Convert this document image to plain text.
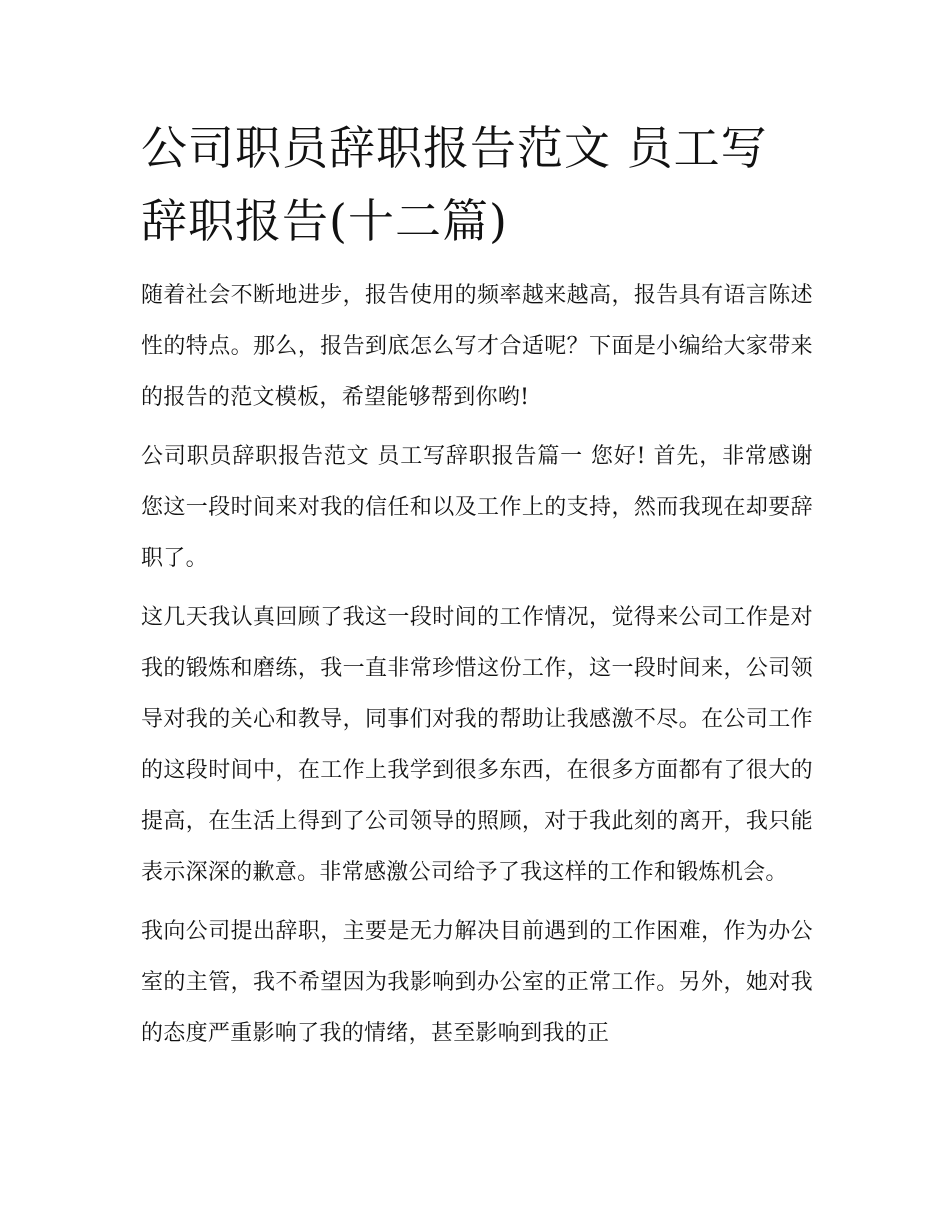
公司职员辞职报告范文 员工写辞职报告(十二篇)

随着社会不断地进步，报告使用的频率越来越高，报告具有语言陈述性的特点。那么，报告到底怎么写才合适呢？下面是小编给大家带来的报告的范文模板，希望能够帮到你哟!

公司职员辞职报告范文 员工写辞职报告篇一 您好! 首先，非常感谢您这一段时间来对我的信任和以及工作上的支持，然而我现在却要辞职了。

这几天我认真回顾了我这一段时间的工作情况，觉得来公司工作是对我的锻炼和磨练，我一直非常珍惜这份工作，这一段时间来，公司领导对我的关心和教导，同事们对我的帮助让我感激不尽。在公司工作的这段时间中，在工作上我学到很多东西，在很多方面都有了很大的提高，在生活上得到了公司领导的照顾，对于我此刻的离开，我只能表示深深的歉意。非常感激公司给予了我这样的工作和锻炼机会。

我向公司提出辞职，主要是无力解决目前遇到的工作困难，作为办公室的主管，我不希望因为我影响到办公室的正常工作。另外，她对我的态度严重影响了我的情绪，甚至影响到我的正
